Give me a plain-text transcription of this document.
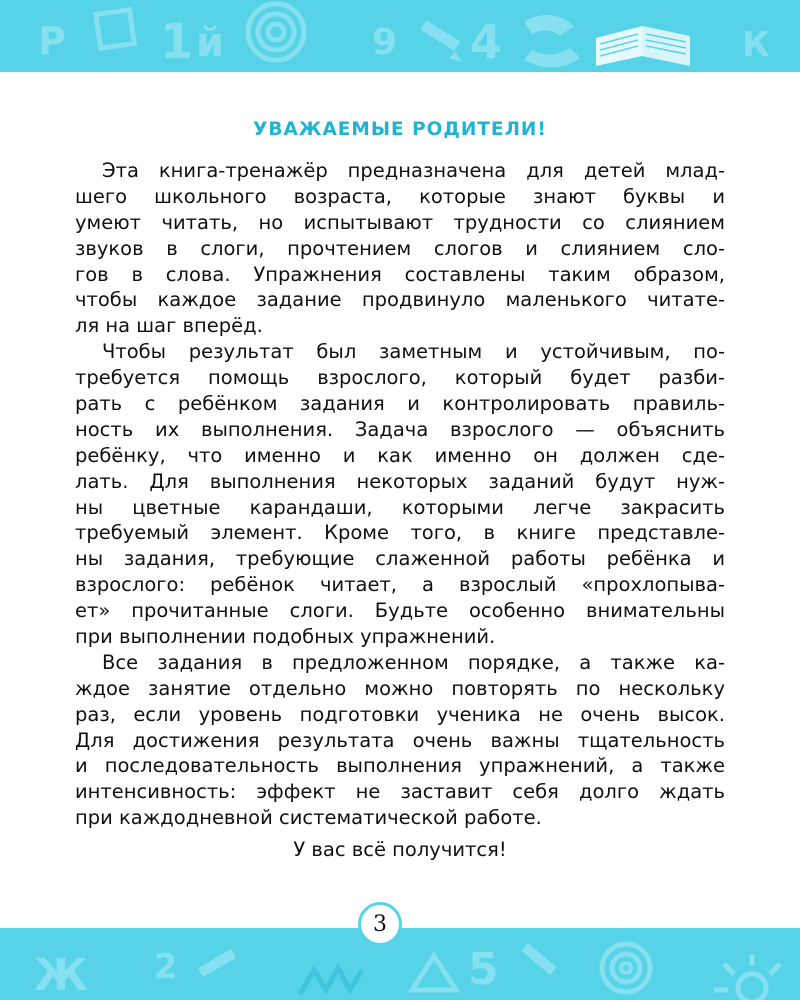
Р 1 й	9 4	К
УВАЖАЕМЫЕ РОДИТЕЛИ!

Эта книга-тренажёр предназначена для детей млад-
шего школьного возраста, которые знают буквы и
умеют читать, но испытывают трудности со слиянием
звуков в слоги, прочтением слогов и слиянием сло-
гов в слова. Упражнения составлены таким образом,
чтобы каждое задание продвинуло маленького читате-
ля на шаг вперёд.

Чтобы результат был заметным и устойчивым, по-
требуется помощь взрослого, который будет разби-
рать с ребёнком задания и контролировать правиль-
ность их выполнения. Задача взрослого — объяснить
ребёнку, что именно и как именно он должен сде-
лать. Для выполнения некоторых заданий будут нуж-
ны цветные карандаши, которыми легче закрасить
требуемый элемент. Кроме того, в книге представле-
ны задания, требующие слаженной работы ребёнка и
взрослого: ребёнок читает, а взрослый «прохлопыва-
ет» прочитанные слоги. Будьте особенно внимательны
при выполнении подобных упражнений.

Все задания в предложенном порядке, а также ка-
ждое занятие отдельно можно повторять по нескольку
раз, если уровень подготовки ученика не очень высок.
Для достижения результата очень важны тщательность
и последовательность выполнения упражнений, а также
интенсивность: эффект не заставит себя долго ждать
при каждодневной систематической работе.

У вас всё получится!
Ж 2	5
3
